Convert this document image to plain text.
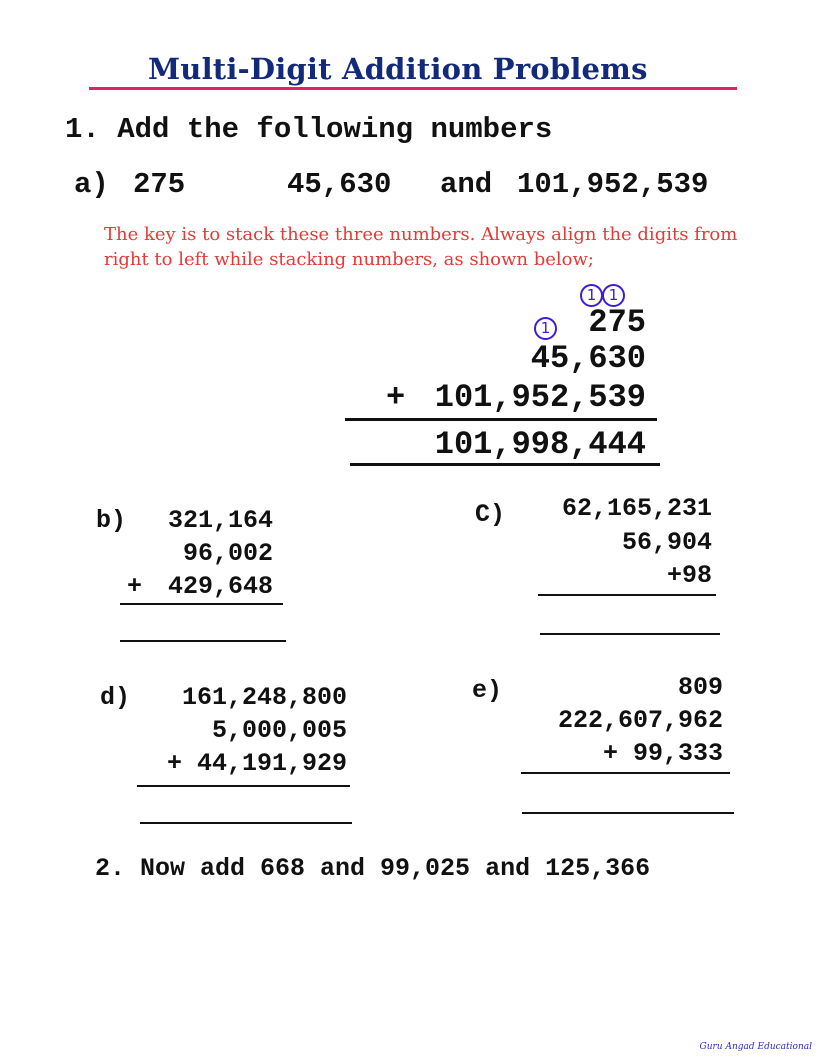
Multi-Digit Addition Problems
1. Add the following numbers
a) 275	45,630 and 101,952,539
The key is to stack these three numbers. Always align the digits from right to left while stacking numbers, as shown below;
1 1
1	275
45,630
+ 101,952,539
101,998,444
b)	321,164
96,002
+	429,648
C)	62,165,231
56,904
+98
d)	161,248,800
5,000,005
+ 44,191,929
e)	809
222,607,962
+ 99,333
2. Now add 668 and 99,025 and 125,366
Guru Angad Educational
